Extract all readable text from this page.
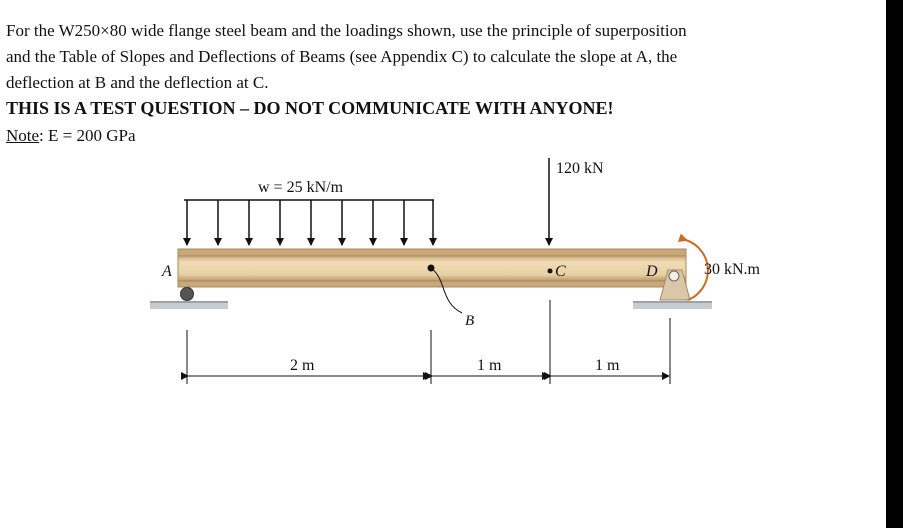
For the W250×80 wide flange steel beam and the loadings shown, use the principle of superposition
and the Table of Slopes and Deflections of Beams (see Appendix C) to calculate the slope at A, the
deflection at B and the deflection at C.
THIS IS A TEST QUESTION – DO NOT COMMUNICATE WITH ANYONE!
Note: E = 200 GPa
w = 25 kN/m
120 kN
B
C
A	D	30 kN.m
2 m	1 m	1 m
